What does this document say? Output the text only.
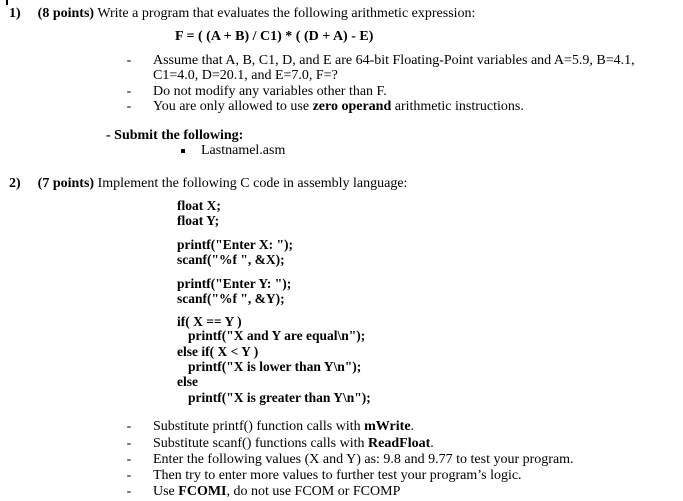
1) (8 points) Write a program that evaluates the following arithmetic expression:
F = ( (A + B) / C1) * ( (D + A) - E)
- Assume that A, B, C1, D, and E are 64-bit Floating-Point variables and A=5.9, B=4.1,
C1=4.0, D=20.1, and E=7.0, F=?
- Do not modify any variables other than F.
- You are only allowed to use zero operand arithmetic instructions.
- Submit the following:
Lastnamel.asm
2) (7 points) Implement the following C code in assembly language:
float X;
float Y;
printf("Enter X: ");
scanf("%f ", &X);
printf("Enter Y: ");
scanf("%f ", &Y);
if( X == Y )
printf("X and Y are equal\n");
else if( X < Y )
printf("X is lower than Y\n");
else
printf("X is greater than Y\n");
- Substitute printf() function calls with mWrite.
- Substitute scanf() functions calls with ReadFloat.
- Enter the following values (X and Y) as: 9.8 and 9.77 to test your program.
- Then try to enter more values to further test your program’s logic.
- Use FCOMI, do not use FCOM or FCOMP
